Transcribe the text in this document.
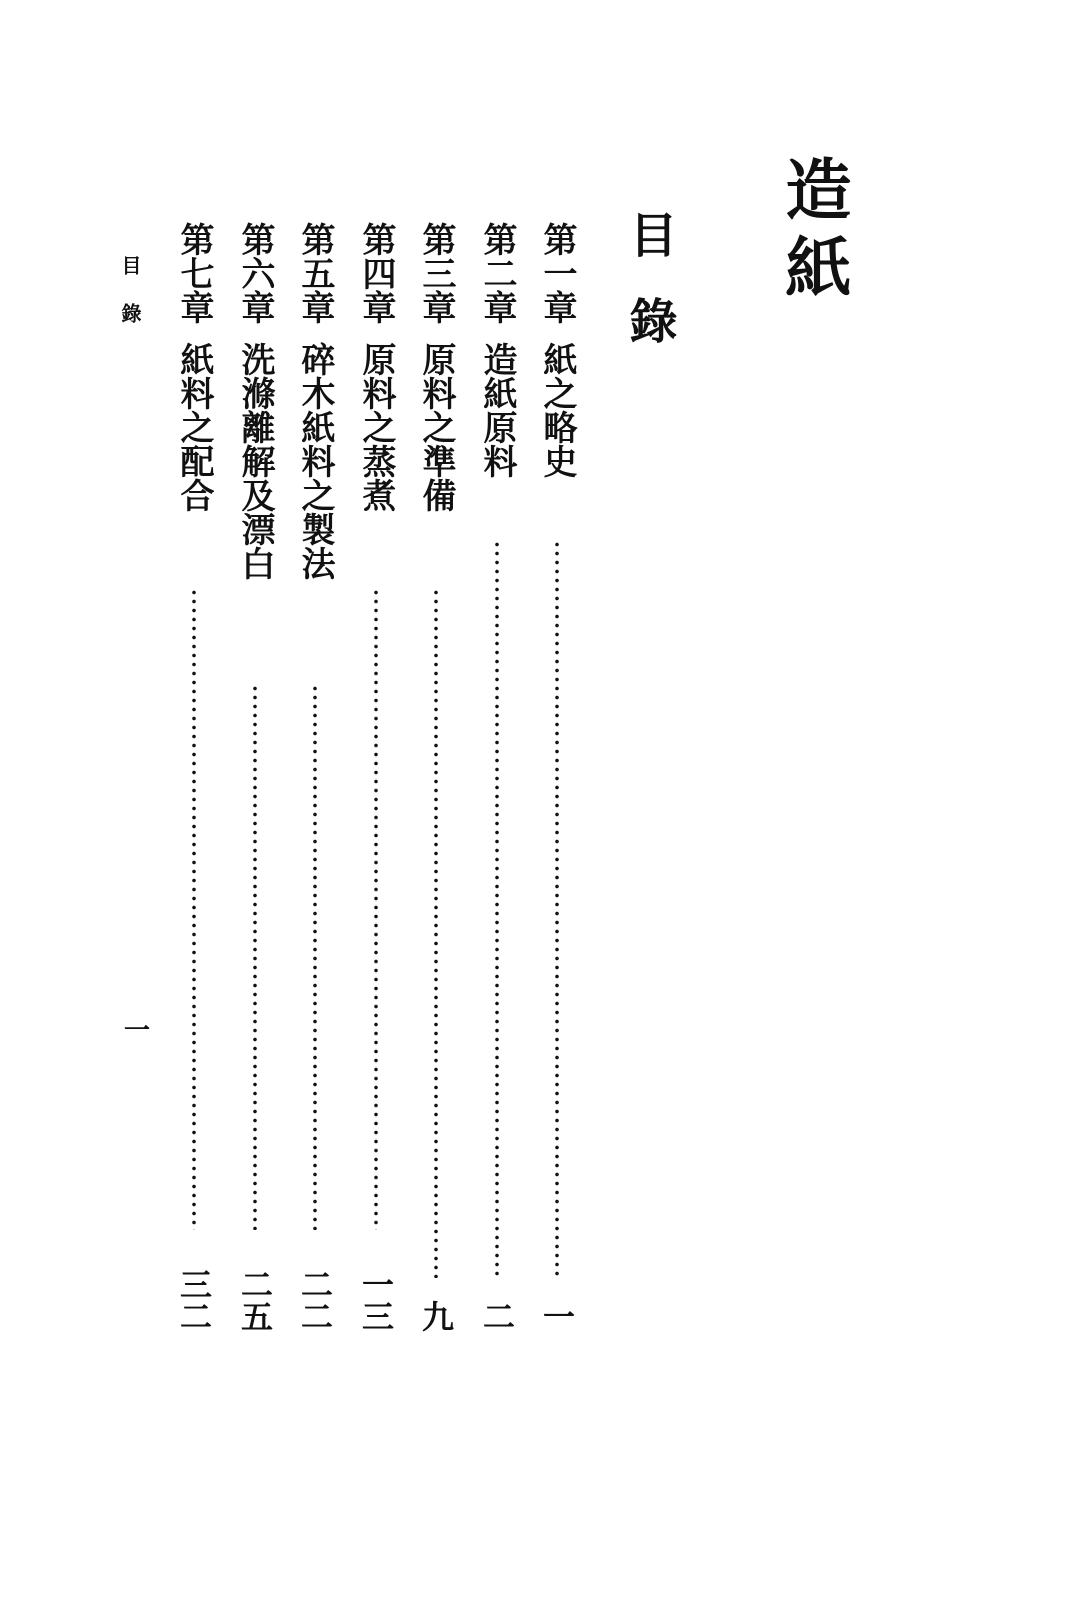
造紙
目錄
第一章
紙之略史
一
第二章
造紙原料
二
第三章
原料之準備
九
第四章
原料之蒸煮
一三
第五章
碎木紙料之製法
二二
第六章
洗滌離解及漂白
二五
第七章
紙料之配合
三二
目錄
一
